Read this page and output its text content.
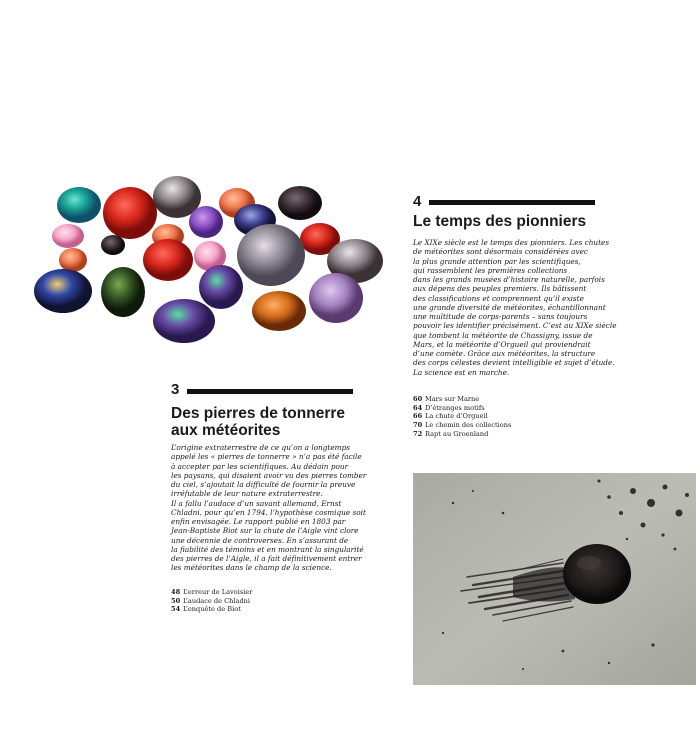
3
Des pierres de tonnerre
aux météorites

L’origine extraterrestre de ce qu’on a longtemps
appelé les « pierres de tonnerre » n’a pas été facile
à accepter par les scientifiques. Au dédain pour
les paysans, qui disaient avoir vu des pierres tomber
du ciel, s’ajoutait la difficulté de fournir la preuve
irréfutable de leur nature extraterrestre.
Il a fallu l’audace d’un savant allemand, Ernst
Chladni, pour qu’en 1794, l’hypothèse cosmique soit
enfin envisagée. Le rapport publié en 1803 par
Jean-Baptiste Biot sur la chute de l’Aigle vint clore
une décennie de controverses. En s’assurant de
la fiabilité des témoins et en montrant la singularité
des pierres de l’Aigle, il a fait définitivement entrer
les météorites dans le champ de la science.

48 L’erreur de Lavoisier
50 L’audace de Chladni
54 L’enquête de Biot
4
Le temps des pionniers

Le XIXe siècle est le temps des pionniers. Les chutes
de météorites sont désormais considérées avec
la plus grande attention par les scientifiques,
qui rassemblent les premières collections
dans les grands musées d’histoire naturelle, parfois
aux dépens des peuples premiers. Ils bâtissent
des classifications et comprennent qu’il existe
une grande diversité de météorites, échantillonnant
une multitude de corps-parents – sans toujours
pouvoir les identifier précisément. C’est au XIXe siècle
que tombent la météorite de Chassigny, issue de
Mars, et la météorite d’Orgueil qui proviendrait
d’une comète. Grâce aux météorites, la structure
des corps célestes devient intelligible et sujet d’étude.
La science est en marche.

60 Mars sur Marne
64 D’étranges motifs
66 La chute d’Orgueil
70 Le chemin des collections
72 Rapt au Groenland
